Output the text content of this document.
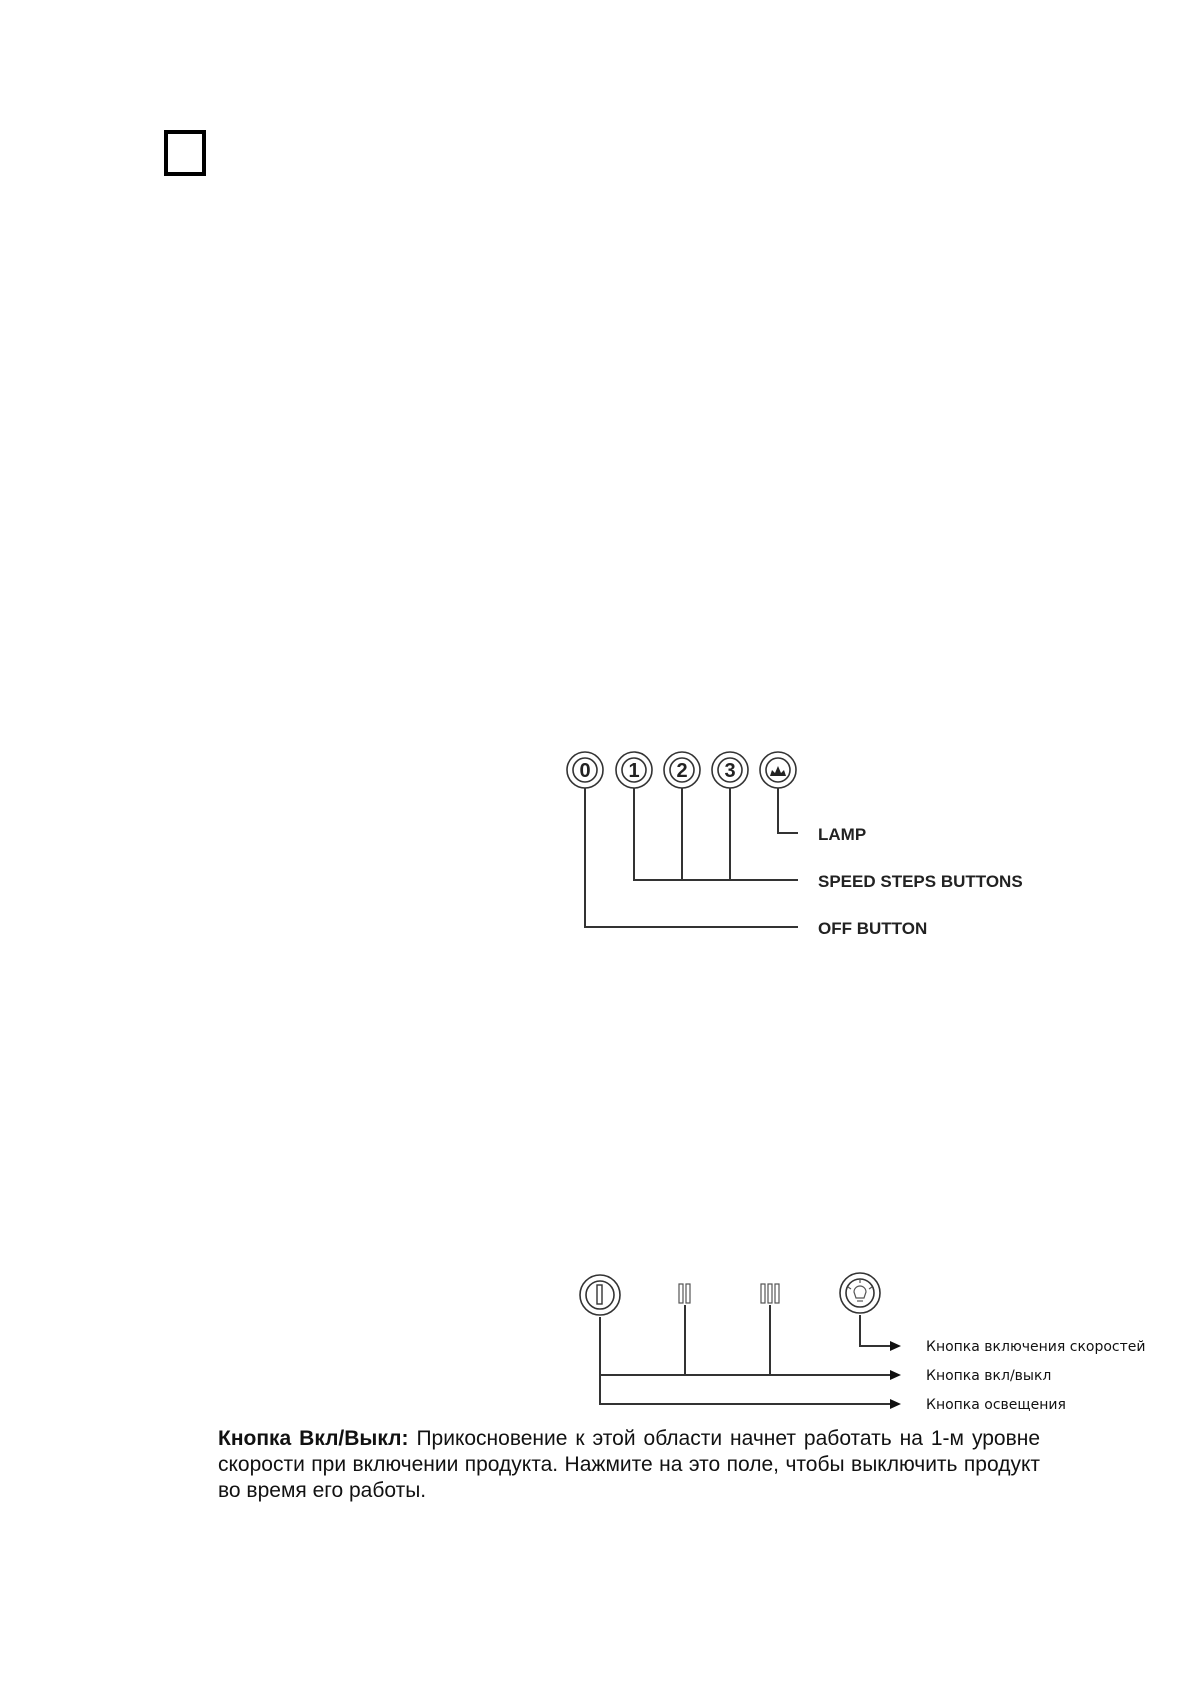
0 1 2 3
LAMP
SPEED STEPS BUTTONS
OFF BUTTON
Кнопка включения скоростей
Кнопка вкл/выкл
Кнопка освещения
Кнопка Вкл/Выкл: Прикосновение к этой области начнет работать на 1-м уровне скорости при включении продукта. Нажмите на это поле, чтобы выключить продукт во время его работы.
